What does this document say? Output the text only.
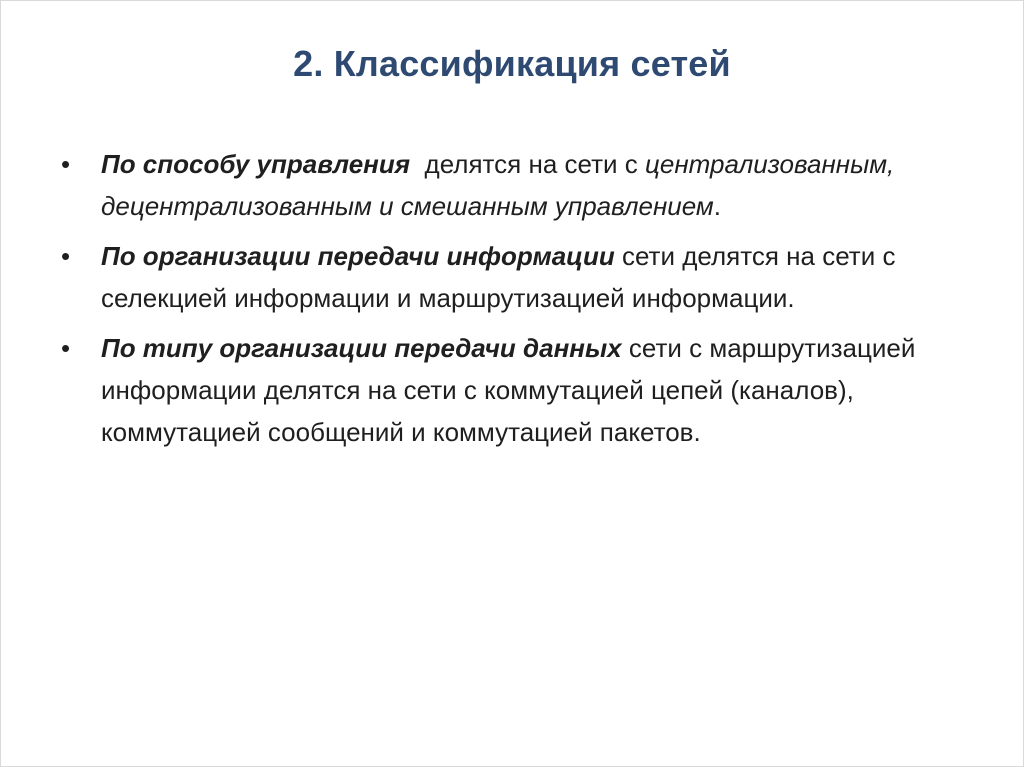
2. Классификация сетей
•	По способу управления  делятся на сети с централизованным, децентрализованным и смешанным управлением.
•	По организации передачи информации сети делятся на сети с селекцией информации и маршрутизацией информации.
•	По типу организации передачи данных сети с маршрутизацией информации делятся на сети с коммутацией цепей (каналов), коммутацией сообщений и коммутацией пакетов.
